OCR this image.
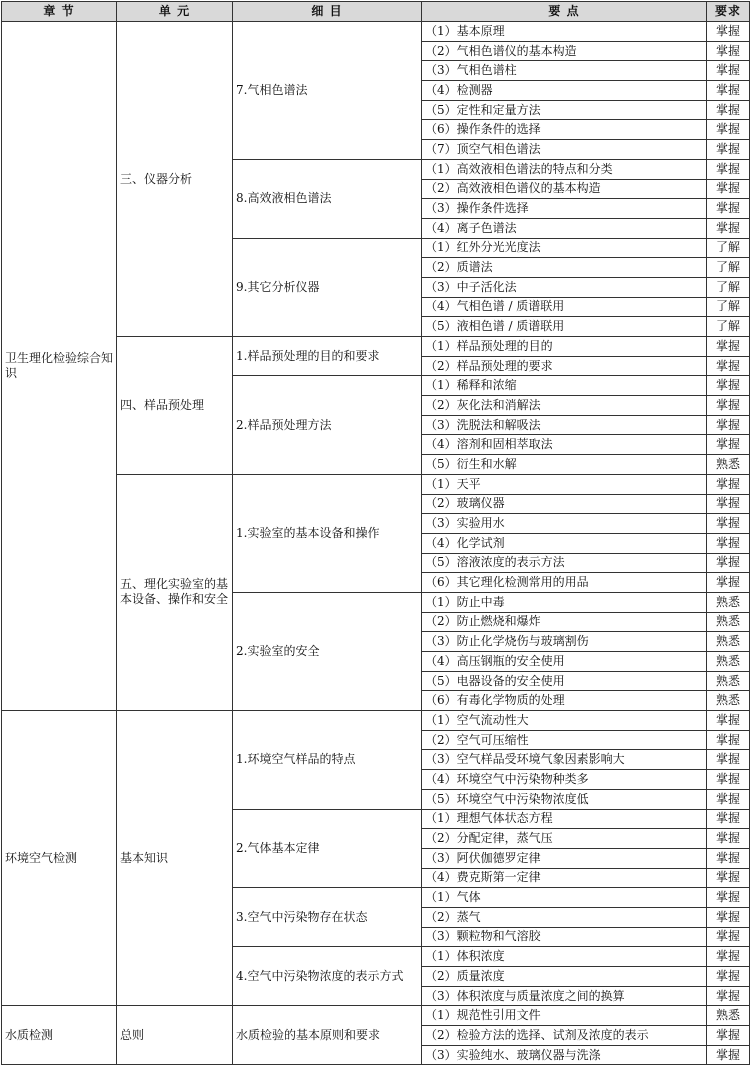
章 节	单 元	细 目	要 点	要求
卫生理化检验综合知识	三、仪器分析	7.气相色谱法	（1）基本原理	掌握
			（2）气相色谱仪的基本构造	掌握
			（3）气相色谱柱	掌握
			（4）检测器	掌握
			（5）定性和定量方法	掌握
			（6）操作条件的选择	掌握
			（7）顶空气相色谱法	掌握
		8.高效液相色谱法	（1）高效液相色谱法的特点和分类	掌握
			（2）高效液相色谱仪的基本构造	掌握
			（3）操作条件选择	掌握
			（4）离子色谱法	掌握
		9.其它分析仪器	（1）红外分光光度法	了解
			（2）质谱法	了解
			（3）中子活化法	了解
			（4）气相色谱 / 质谱联用	了解
			（5）液相色谱 / 质谱联用	了解
	四、样品预处理	1.样品预处理的目的和要求	（1）样品预处理的目的	掌握
			（2）样品预处理的要求	掌握
		2.样品预处理方法	（1）稀释和浓缩	掌握
			（2）灰化法和消解法	掌握
			（3）洗脱法和解吸法	掌握
			（4）溶剂和固相萃取法	掌握
			（5）衍生和水解	熟悉
	五、理化实验室的基本设备、操作和安全	1.实验室的基本设备和操作	（1）天平	掌握
			（2）玻璃仪器	掌握
			（3）实验用水	掌握
			（4）化学试剂	掌握
			（5）溶液浓度的表示方法	掌握
			（6）其它理化检测常用的用品	掌握
		2.实验室的安全	（1）防止中毒	熟悉
			（2）防止燃烧和爆炸	熟悉
			（3）防止化学烧伤与玻璃割伤	熟悉
			（4）高压钢瓶的安全使用	熟悉
			（5）电器设备的安全使用	熟悉
			（6）有毒化学物质的处理	熟悉
环境空气检测	基本知识	1.环境空气样品的特点	（1）空气流动性大	掌握
			（2）空气可压缩性	掌握
			（3）空气样品受环境气象因素影响大	掌握
			（4）环境空气中污染物种类多	掌握
			（5）环境空气中污染物浓度低	掌握
		2.气体基本定律	（1）理想气体状态方程	掌握
			（2）分配定律，蒸气压	掌握
			（3）阿伏伽德罗定律	掌握
			（4）费克斯第一定律	掌握
		3.空气中污染物存在状态	（1）气体	掌握
			（2）蒸气	掌握
			（3）颗粒物和气溶胶	掌握
		4.空气中污染物浓度的表示方式	（1）体积浓度	掌握
			（2）质量浓度	掌握
			（3）体积浓度与质量浓度之间的换算	掌握
水质检测	总则	水质检验的基本原则和要求	（1）规范性引用文件	熟悉
			（2）检验方法的选择、试剂及浓度的表示	掌握
			（3）实验纯水、玻璃仪器与洗涤	掌握
